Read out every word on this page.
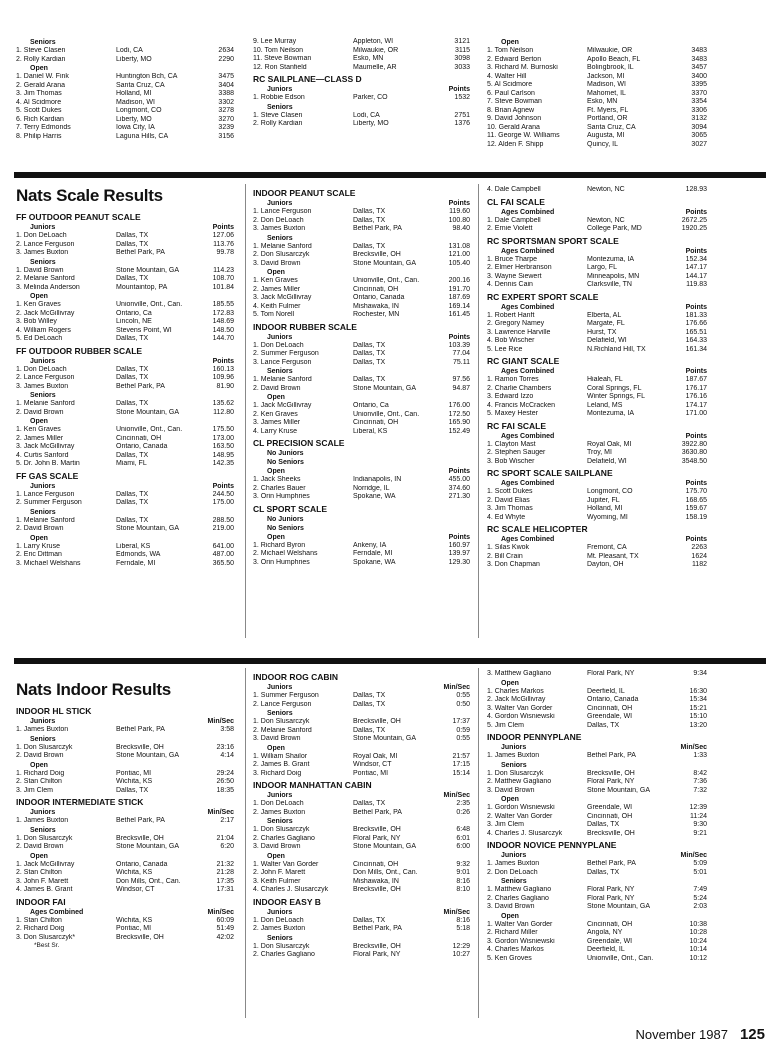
Seniors
1. Steve Clasen	Lodi, CA	2634
2. Rolly Kardian	Liberty, MO	2290
Open
1. Daniel W. Fink	Huntington Bch, CA	3475
2. Gerald Arana	Santa Cruz, CA	3404
3. Jim Thomas	Holland, MI	3388
4. Al Scidmore	Madison, WI	3302
5. Scott Dukes	Longmont, CO	3278
6. Rich Kardian	Liberty, MO	3270
7. Terry Edmonds	Iowa City, IA	3239
8. Philip Harris	Laguna Hills, CA	3156
9. Lee Murray	Appleton, WI	3121
10. Tom Neilson	Milwaukie, OR	3115
11. Steve Bowman	Esko, MN	3098
12. Ron Stanfield	Maumelle, AR	3033
RC SAILPLANE—CLASS D
Juniors	Points
1. Robbie Edson	Parker, CO	1532
Seniors
1. Steve Clasen	Lodi, CA	2751
2. Rolly Kardian	Liberty, MO	1376
Open
1. Tom Neilson	Milwaukie, OR	3483
2. Edward Berton	Apollo Beach, FL	3483
3. Richard M. Burnoski	Bolingbrook, IL	3457
4. Walter Hill	Jackson, MI	3400
5. Al Scidmore	Madison, WI	3395
6. Paul Carlson	Mahomet, IL	3370
7. Steve Bowman	Esko, MN	3354
8. Brian Agnew	Ft. Myers, FL	3306
9. David Johnson	Portland, OR	3132
10. Gerald Arana	Santa Cruz, CA	3094
11. George W. Williams	Augusta, MI	3065
12. Alden F. Shipp	Quincy, IL	3027
Nats Scale Results
FF OUTDOOR PEANUT SCALE
Juniors	Points
1. Don DeLoach	Dallas, TX	127.06
2. Lance Ferguson	Dallas, TX	113.76
3. James Buxton	Bethel Park, PA	99.78
Seniors
1. David Brown	Stone Mountain, GA	114.23
2. Melanie Sanford	Dallas, TX	108.70
3. Melinda Anderson	Mountaintop, PA	101.84
Open
1. Ken Graves	Unionville, Ont., Can.	185.55
2. Jack McGillivray	Ontario, Ca	172.83
3. Bob Willey	Lincoln, NE	148.69
4. William Rogers	Stevens Point, WI	148.50
5. Ed DeLoach	Dallas, TX	144.70
FF OUTDOOR RUBBER SCALE
Juniors	Points
1. Don DeLoach	Dallas, TX	160.13
2. Lance Ferguson	Dallas, TX	109.96
3. James Buxton	Bethel Park, PA	81.90
Seniors
1. Melanie Sanford	Dallas, TX	135.62
2. David Brown	Stone Mountain, GA	112.80
Open
1. Ken Graves	Unionville, Ont., Can.	175.50
2. James Miller	Cincinnati, OH	173.00
3. Jack McGillivray	Ontario, Canada	163.50
4. Curtis Sanford	Dallas, TX	148.95
5. Dr. John B. Martin	Miami, FL	142.35
FF GAS SCALE
Juniors	Points
1. Lance Ferguson	Dallas, TX	244.50
2. Summer Ferguson	Dallas, TX	175.00
Seniors
1. Melanie Sanford	Dallas, TX	288.50
2. David Brown	Stone Mountain, GA	219.00
Open
1. Larry Kruse	Liberal, KS	641.00
2. Eric Dittman	Edmonds, WA	487.00
3. Michael Welshans	Ferndale, MI	365.50
INDOOR PEANUT SCALE
Juniors	Points
1. Lance Ferguson	Dallas, TX	119.60
2. Don DeLoach	Dallas, TX	100.80
3. James Buxton	Bethel Park, PA	98.40
Seniors
1. Melanie Sanford	Dallas, TX	131.08
2. Don Slusarczyk	Brecksville, OH	121.00
3. David Brown	Stone Mountain, GA	105.40
Open
1. Ken Graves	Unionville, Ont., Can.	200.16
2. James Miller	Cincinnati, OH	191.70
3. Jack McGillivray	Ontario, Canada	187.69
4. Keith Fulmer	Mishawaka, IN	169.14
5. Tom Norell	Rochester, MN	161.45
INDOOR RUBBER SCALE
Juniors	Points
1. Don DeLoach	Dallas, TX	103.39
2. Summer Ferguson	Dallas, TX	77.04
3. Lance Ferguson	Dallas, TX	75.11
Seniors
1. Melanie Sanford	Dallas, TX	97.56
2. David Brown	Stone Mountain, GA	94.87
Open
1. Jack McGillivray	Ontario, Ca	176.00
2. Ken Graves	Unionville, Ont., Can.	172.50
3. James Miller	Cincinnati, OH	165.90
4. Larry Kruse	Liberal, KS	152.49
CL PRECISION SCALE
No Juniors
No Seniors
Open	Points
1. Jack Sheeks	Indianapolis, IN	455.00
2. Charles Bauer	Norridge, IL	374.60
3. Orin Humphries	Spokane, WA	271.30
CL SPORT SCALE
No Juniors
No Seniors
Open	Points
1. Richard Byron	Ankeny, IA	160.97
2. Michael Welshans	Ferndale, MI	139.97
3. Orin Humphries	Spokane, WA	129.30
4. Dale Campbell	Newton, NC	128.93
CL FAI SCALE
Ages Combined	Points
1. Dale Campbell	Newton, NC	2672.25
2. Ernie Violett	College Park, MD	1920.25
RC SPORTSMAN SPORT SCALE
Ages Combined	Points
1. Bruce Tharpe	Montezuma, IA	152.34
2. Elmer Herbranson	Largo, FL	147.17
3. Wayne Siewert	Minneapolis, MN	144.17
4. Dennis Cain	Clarksville, TN	119.83
RC EXPERT SPORT SCALE
Ages Combined	Points
1. Robert Hanft	Elberta, AL	181.33
2. Gregory Namey	Margate, FL	176.66
3. Lawrence Harville	Hurst, TX	165.51
4. Bob Wischer	Delafield, WI	164.33
5. Lee Rice	N.Richland Hill, TX	161.34
RC GIANT SCALE
Ages Combined	Points
1. Ramon Torres	Hialeah, FL	187.67
2. Charlie Chambers	Coral Springs, FL	176.17
3. Edward Izzo	Winter Springs, FL	176.16
4. Francis McCracken	Leland, MS	174.17
5. Maxey Hester	Montezuma, IA	171.00
RC FAI SCALE
Ages Combined	Points
1. Clayton Mast	Royal Oak, MI	3922.80
2. Stephen Sauger	Troy, MI	3630.80
3. Bob Wischer	Delafield, WI	3548.50
RC SPORT SCALE SAILPLANE
Ages Combined	Points
1. Scott Dukes	Longmont, CO	175.70
2. David Elias	Jupiter, FL	168.65
3. Jim Thomas	Holland, MI	159.67
4. Ed Whyte	Wyoming, MI	158.19
RC SCALE HELICOPTER
Ages Combined	Points
1. Silas Kwok	Fremont, CA	2263
2. Bill Crain	Mt. Pleasant, TX	1624
3. Don Chapman	Dayton, OH	1182
Nats Indoor Results
INDOOR HL STICK
Juniors	Min/Sec
1. James Buxton	Bethel Park, PA	3:58
Seniors
1. Don Slusarczyk	Brecksville, OH	23:16
2. David Brown	Stone Mountain, GA	4:14
Open
1. Richard Doig	Pontiac, MI	29:24
2. Stan Chilton	Wichita, KS	26:50
3. Jim Clem	Dallas, TX	18:35
INDOOR INTERMEDIATE STICK
Juniors	Min/Sec
1. James Buxton	Bethel Park, PA	2:17
Seniors
1. Don Slusarczyk	Brecksville, OH	21:04
2. David Brown	Stone Mountain, GA	6:20
Open
1. Jack McGillivray	Ontario, Canada	21:32
2. Stan Chilton	Wichita, KS	21:28
3. John F. Marett	Don Mills, Ont., Can.	17:35
4. James B. Grant	Windsor, CT	17:31
INDOOR FAI
Ages Combined	Min/Sec
1. Stan Chilton	Wichita, KS	60:09
2. Richard Doig	Pontiac, MI	51:49
3. Don Slusarczyk*	Brecksville, OH	42:02
*Best Sr.
INDOOR ROG CABIN
Juniors	Min/Sec
1. Summer Ferguson	Dallas, TX	0:55
2. Lance Ferguson	Dallas, TX	0:50
Seniors
1. Don Slusarczyk	Brecksville, OH	17:37
2. Melanie Sanford	Dallas, TX	0:59
3. David Brown	Stone Mountain, GA	0:55
Open
1. William Shailor	Royal Oak, MI	21:57
2. James B. Grant	Windsor, CT	17:15
3. Richard Doig	Pontiac, MI	15:14
INDOOR MANHATTAN CABIN
Juniors	Min/Sec
1. Don DeLoach	Dallas, TX	2:35
2. James Buxton	Bethel Park, PA	0:26
Seniors
1. Don Slusarczyk	Brecksville, OH	6:48
2. Charles Gagliano	Floral Park, NY	6:01
3. David Brown	Stone Mountain, GA	6:00
Open
1. Walter Van Gorder	Cincinnati, OH	9:32
2. John F. Marett	Don Mills, Ont., Can.	9:01
3. Keith Fulmer	Mishawaka, IN	8:16
4. Charles J. Slusarczyk	Brecksville, OH	8:10
INDOOR EASY B
Juniors	Min/Sec
1. Don DeLoach	Dallas, TX	8:16
2. James Buxton	Bethel Park, PA	5:18
Seniors
1. Don Slusarczyk	Brecksville, OH	12:29
2. Charles Gagliano	Floral Park, NY	10:27
3. Matthew Gagliano	Floral Park, NY	9:34
Open
1. Charles Markos	Deerfield, IL	16:30
2. Jack McGillivray	Ontario, Canada	15:34
3. Walter Van Gorder	Cincinnati, OH	15:21
4. Gordon Wisniewski	Greendale, WI	15:10
5. Jim Clem	Dallas, TX	13:20
INDOOR PENNYPLANE
Juniors	Min/Sec
1. James Buxton	Bethel Park, PA	1:33
Seniors
1. Don Slusarczyk	Brecksville, OH	8:42
2. Matthew Gagliano	Floral Park, NY	7:36
3. David Brown	Stone Mountain, GA	7:32
Open
1. Gordon Wisniewski	Greendale, WI	12:39
2. Walter Van Gorder	Cincinnati, OH	11:24
3. Jim Clem	Dallas, TX	9:30
4. Charles J. Slusarczyk	Brecksville, OH	9:21
INDOOR NOVICE PENNYPLANE
Juniors	Min/Sec
1. James Buxton	Bethel Park, PA	5:09
2. Don DeLoach	Dallas, TX	5:01
Seniors
1. Matthew Gagliano	Floral Park, NY	7:49
2. Charles Gagliano	Floral Park, NY	5:24
3. David Brown	Stone Mountain, GA	2:03
Open
1. Walter Van Gorder	Cincinnati, OH	10:38
2. Richard Miller	Angola, NY	10:28
3. Gordon Wisniewski	Greendale, WI	10:24
4. Charles Markos	Deerfield, IL	10:14
5. Ken Groves	Unionville, Ont., Can.	10:12
November 1987 125
